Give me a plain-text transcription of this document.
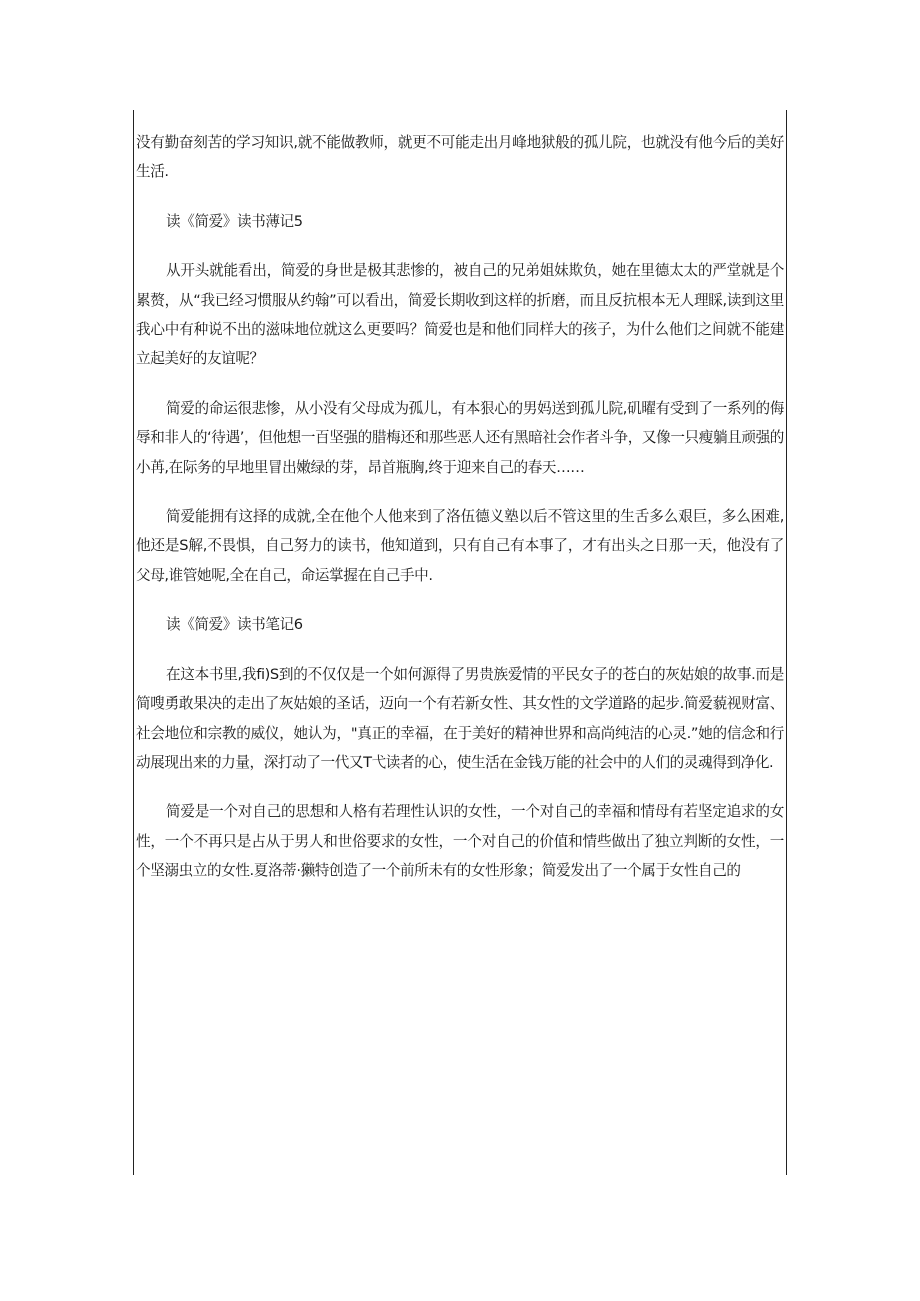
没有勤奋刻苦的学习知识,就不能做教师，就更不可能走出月峰地狱般的孤儿院，也就没有他今后的美好生活.

读《简爱》读书薄记5

从开头就能看出，简爱的身世是极其悲惨的，被自己的兄弟姐妹欺负，她在里德太太的严堂就是个累赘，从“我已经习惯服从约翰”可以看出，简爱长期收到这样的折磨，而且反抗根本无人理睬,读到这里我心中有种说不出的滋味地位就这么更要吗？简爱也是和他们同样大的孩子，为什么他们之间就不能建立起美好的友谊呢？

简爱的命运很悲惨，从小没有父母成为孤儿，有本狠心的男妈送到孤儿院,矶曜有受到了一系列的侮辱和非人的‘待遇’，但他想一百坚强的腊梅还和那些恶人还有黑暗社会作者斗争，又像一只瘦躺且顽强的小苒,在际务的早地里冒出嫩绿的芽，昂首瓶胸,终于迎来自己的春天……

简爱能拥有这择的成就,全在他个人他来到了洛伍德义塾以后不管这里的生舌多么艰巨，多么困难,他还是S解,不畏惧，自己努力的读书，他知道到，只有自己有本事了，才有出头之日那一天，他没有了父母,谁管她呢,全在自己，命运掌握在自己手中.

读《简爱》读书笔记6

在这本书里,我fi)S到的不仅仅是一个如何源得了男贵族爱情的平民女子的苍白的灰姑娘的故事.而是简嗖勇敢果决的走出了灰姑娘的圣话，迈向一个有若新女性、其女性的文学道路的起步.简爱藐视财富、社会地位和宗教的威仪，她认为，"真正的幸福，在于美好的精神世界和高尚纯洁的心灵.”她的信念和行动展现出来的力量，深打动了一代又T弋读者的心，使生活在金钱万能的社会中的人们的灵魂得到净化.

简爱是一个对自己的思想和人格有若理性认识的女性，一个对自己的幸福和情母有若坚定追求的女性，一个不再只是占从于男人和世俗要求的女性，一个对自己的价值和情些做出了独立判断的女性，一个坚溺虫立的女性.夏洛蒂·獭特创造了一个前所未有的女性形象；简爱发出了一个属于女性自己的
